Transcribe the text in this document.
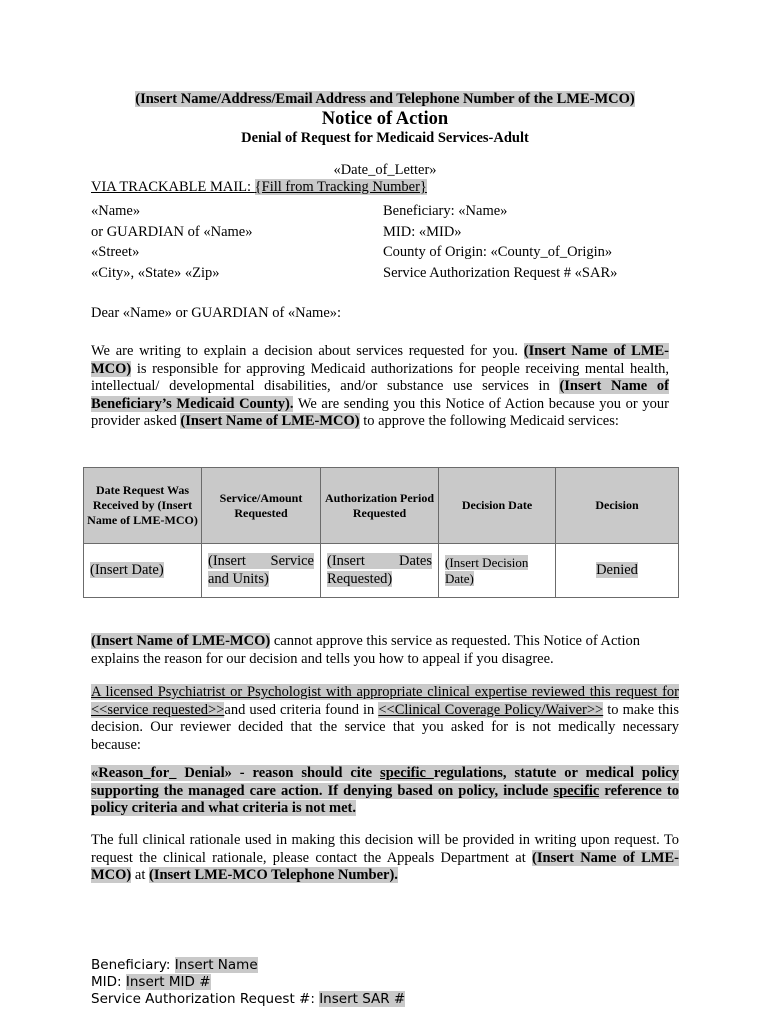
(Insert Name/Address/Email Address and Telephone Number of the LME-MCO)
Notice of Action
Denial of Request for Medicaid Services-Adult
«Date_of_Letter»
VIA TRACKABLE MAIL: {Fill from Tracking Number}
«Name»
or GUARDIAN of «Name»
«Street»
«City», «State» «Zip»
Beneficiary: «Name»
MID: «MID»
County of Origin: «County_of_Origin»
Service Authorization Request # «SAR»
Dear «Name» or GUARDIAN of «Name»:
We are writing to explain a decision about services requested for you. (Insert Name of LME-MCO) is responsible for approving Medicaid authorizations for people receiving mental health, intellectual/ developmental disabilities, and/or substance use services in (Insert Name of Beneficiary’s Medicaid County). We are sending you this Notice of Action because you or your provider asked (Insert Name of LME-MCO) to approve the following Medicaid services:
Date Request Was Received by (Insert Name of LME-MCO)	Service/Amount Requested	Authorization Period Requested	Decision Date	Decision
(Insert Date)	(Insert Service and Units)	(Insert Dates Requested)	(Insert Decision Date)	Denied
(Insert Name of LME-MCO) cannot approve this service as requested. This Notice of Action explains the reason for our decision and tells you how to appeal if you disagree.
A licensed Psychiatrist or Psychologist with appropriate clinical expertise reviewed this request for <<service requested>>and used criteria found in <<Clinical Coverage Policy/Waiver>> to make this decision. Our reviewer decided that the service that you asked for is not medically necessary because:
«Reason_for_ Denial» - reason should cite specific regulations, statute or medical policy supporting the managed care action. If denying based on policy, include specific reference to policy criteria and what criteria is not met.
The full clinical rationale used in making this decision will be provided in writing upon request. To request the clinical rationale, please contact the Appeals Department at (Insert Name of LME-MCO) at (Insert LME-MCO Telephone Number).
Beneficiary: Insert Name
MID: Insert MID #
Service Authorization Request #: Insert SAR #
